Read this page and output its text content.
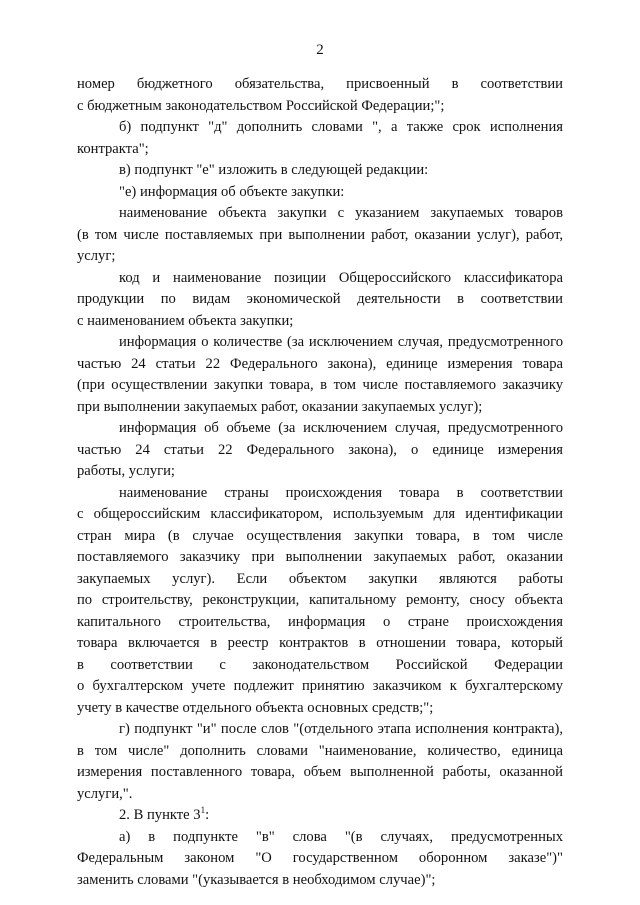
2
номер бюджетного обязательства, присвоенный в соответствии
с бюджетным законодательством Российской Федерации;";
б) подпункт "д" дополнить словами ", а также срок исполнения
контракта";
в) подпункт "е" изложить в следующей редакции:
"е) информация об объекте закупки:
наименование объекта закупки с указанием закупаемых товаров
(в том числе поставляемых при выполнении работ, оказании услуг), работ,
услуг;
код и наименование позиции Общероссийского классификатора
продукции по видам экономической деятельности в соответствии
с наименованием объекта закупки;
информация о количестве (за исключением случая, предусмотренного
частью 24 статьи 22 Федерального закона), единице измерения товара
(при осуществлении закупки товара, в том числе поставляемого заказчику
при выполнении закупаемых работ, оказании закупаемых услуг);
информация об объеме (за исключением случая, предусмотренного
частью 24 статьи 22 Федерального закона), о единице измерения
работы, услуги;
наименование страны происхождения товара в соответствии
с общероссийским классификатором, используемым для идентификации
стран мира (в случае осуществления закупки товара, в том числе
поставляемого заказчику при выполнении закупаемых работ, оказании
закупаемых услуг). Если объектом закупки являются работы
по строительству, реконструкции, капитальному ремонту, сносу объекта
капитального строительства, информация о стране происхождения
товара включается в реестр контрактов в отношении товара, который
в соответствии с законодательством Российской Федерации
о бухгалтерском учете подлежит принятию заказчиком к бухгалтерскому
учету в качестве отдельного объекта основных средств;";
г) подпункт "и" после слов "(отдельного этапа исполнения контракта),
в том числе" дополнить словами "наименование, количество, единица
измерения поставленного товара, объем выполненной работы, оказанной
услуги,".
2. В пункте $3^1$:
а) в подпункте "в" слова "(в случаях, предусмотренных
Федеральным законом "О государственном оборонном заказе")"
заменить словами "(указывается в необходимом случае)";
